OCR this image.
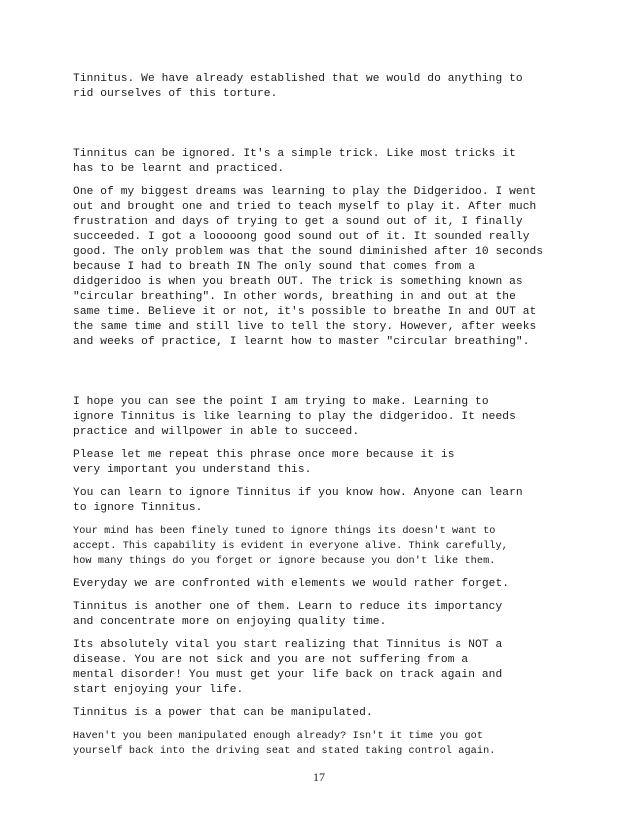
Tinnitus. We have already established that we would do anything to
rid ourselves of this torture.

Tinnitus can be ignored. It's a simple trick. Like most tricks it
has to be learnt and practiced.

One of my biggest dreams was learning to play the Didgeridoo. I went
out and brought one and tried to teach myself to play it. After much
frustration and days of trying to get a sound out of it, I finally
succeeded. I got a looooong good sound out of it. It sounded really
good. The only problem was that the sound diminished after 10 seconds
because I had to breath IN The only sound that comes from a
didgeridoo is when you breath OUT. The trick is something known as
"circular breathing". In other words, breathing in and out at the
same time. Believe it or not, it's possible to breathe In and OUT at
the same time and still live to tell the story. However, after weeks
and weeks of practice, I learnt how to master "circular breathing".

I hope you can see the point I am trying to make. Learning to
ignore Tinnitus is like learning to play the didgeridoo. It needs
practice and willpower in able to succeed.

Please let me repeat this phrase once more because it is
very important you understand this.

You can learn to ignore Tinnitus if you know how. Anyone can learn
to ignore Tinnitus.

Your mind has been finely tuned to ignore things its doesn't want to
accept. This capability is evident in everyone alive. Think carefully,
how many things do you forget or ignore because you don't like them.

Everyday we are confronted with elements we would rather forget.

Tinnitus is another one of them. Learn to reduce its importancy
and concentrate more on enjoying quality time.

Its absolutely vital you start realizing that Tinnitus is NOT a
disease. You are not sick and you are not suffering from a
mental disorder! You must get your life back on track again and
start enjoying your life.

Tinnitus is a power that can be manipulated.

Haven't you been manipulated enough already? Isn't it time you got
yourself back into the driving seat and stated taking control again.

17
